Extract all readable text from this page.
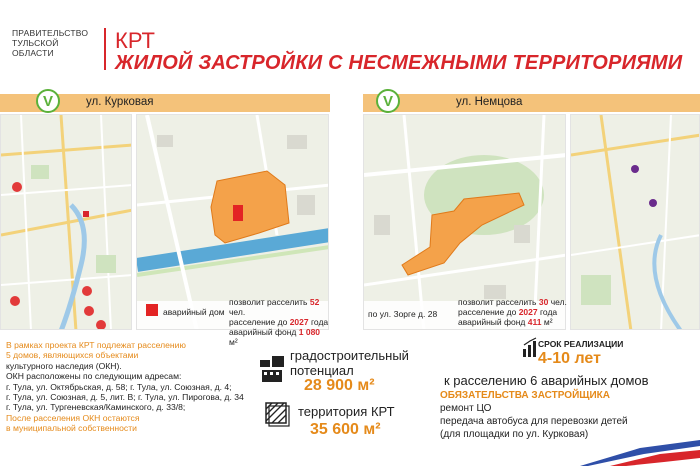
ПРАВИТЕЛЬСТВО
ТУЛЬСКОЙ
ОБЛАСТИ	КРТ
ЖИЛОЙ ЗАСТРОЙКИ С НЕСМЕЖНЫМИ ТЕРРИТОРИЯМИ
V	ул. Курковая
аварийный дом
позволит расселить 52 чел.
расселение до 2027 года
аварийный фонд 1 080 м²
V	ул. Немцова
по ул. Зорге д. 28
позволит расселить 30 чел.
расселение до 2027 года
аварийный фонд 411 м²
В рамках проекта КРТ подлежат расселению
5 домов, являющихся объектами
культурного наследия (ОКН).
ОКН расположены по следующим адресам:
г. Тула, ул. Октябрьская, д. 58; г. Тула, ул. Союзная, д. 4;
г. Тула, ул. Союзная, д. 5, лит. В; г. Тула, ул. Пирогова, д. 34
г. Тула, ул. Тургеневская/Каминского, д. 33/8;
После расселения ОКН остаются
в муниципальной собственности
градостроительный
потенциал
28 900 м²
территория КРТ
35 600 м²
СРОК РЕАЛИЗАЦИИ
4-10 лет
к расселению 6 аварийных домов
ОБЯЗАТЕЛЬСТВА ЗАСТРОЙЩИКА
ремонт ЦО
передача автобуса для перевозки детей
(для площадки по ул. Курковая)
